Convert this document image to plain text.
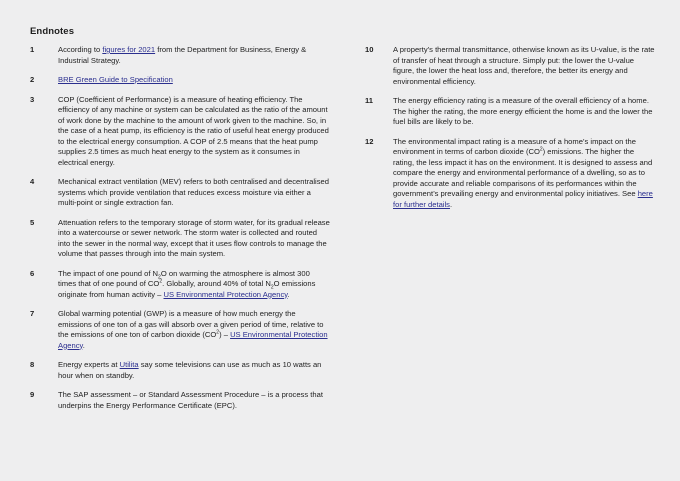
Endnotes
1	According to figures for 2021 from the Department for Business, Energy & Industrial Strategy.
2	BRE Green Guide to Specification
3	COP (Coefficient of Performance) is a measure of heating efficiency. The efficiency of any machine or system can be calculated as the ratio of the amount of work done by the machine to the amount of work given to the machine. So, in the case of a heat pump, its efficiency is the ratio of useful heat energy produced to the electrical energy consumption. A COP of 2.5 means that the heat pump supplies 2.5 times as much heat energy to the system as it consumes in electrical energy.
4	Mechanical extract ventilation (MEV) refers to both centralised and decentralised systems which provide ventilation that reduces excess moisture via either a multi-point or single extraction fan.
5	Attenuation refers to the temporary storage of storm water, for its gradual release into a watercourse or sewer network. The storm water is collected and routed into the sewer in the normal way, except that it uses flow controls to manage the volume that passes through into the main system.
6	The impact of one pound of $N_2O$ on warming the atmosphere is almost 300 times that of one pound of $CO^2$. Globally, around 40% of total $N_2O$ emissions originate from human activity – US Environmental Protection Agency.
7	Global warming potential (GWP) is a measure of how much energy the emissions of one ton of a gas will absorb over a given period of time, relative to the emissions of one ton of carbon dioxide $(CO^2)$ – US Environmental Protection Agency.
8	Energy experts at Utilita say some televisions can use as much as 10 watts an hour when on standby.
9	The SAP assessment – or Standard Assessment Procedure – is a process that underpins the Energy Performance Certificate (EPC).
10	A property’s thermal transmittance, otherwise known as its U-value, is the rate of transfer of heat through a structure. Simply put: the lower the U-value figure, the lower the heat loss and, therefore, the better its energy and environmental efficiency.
11	The energy efficiency rating is a measure of the overall efficiency of a home. The higher the rating, the more energy efficient the home is and the lower the fuel bills are likely to be.
12	The environmental impact rating is a measure of a home’s impact on the environment in terms of carbon dioxide $(CO^2)$ emissions. The higher the rating, the less impact it has on the environment. It is designed to assess and compare the energy and environmental performance of a dwelling, so as to provide accurate and reliable comparisons of its performances within the government’s prevailing energy and environmental policy initiatives. See here for further details.
